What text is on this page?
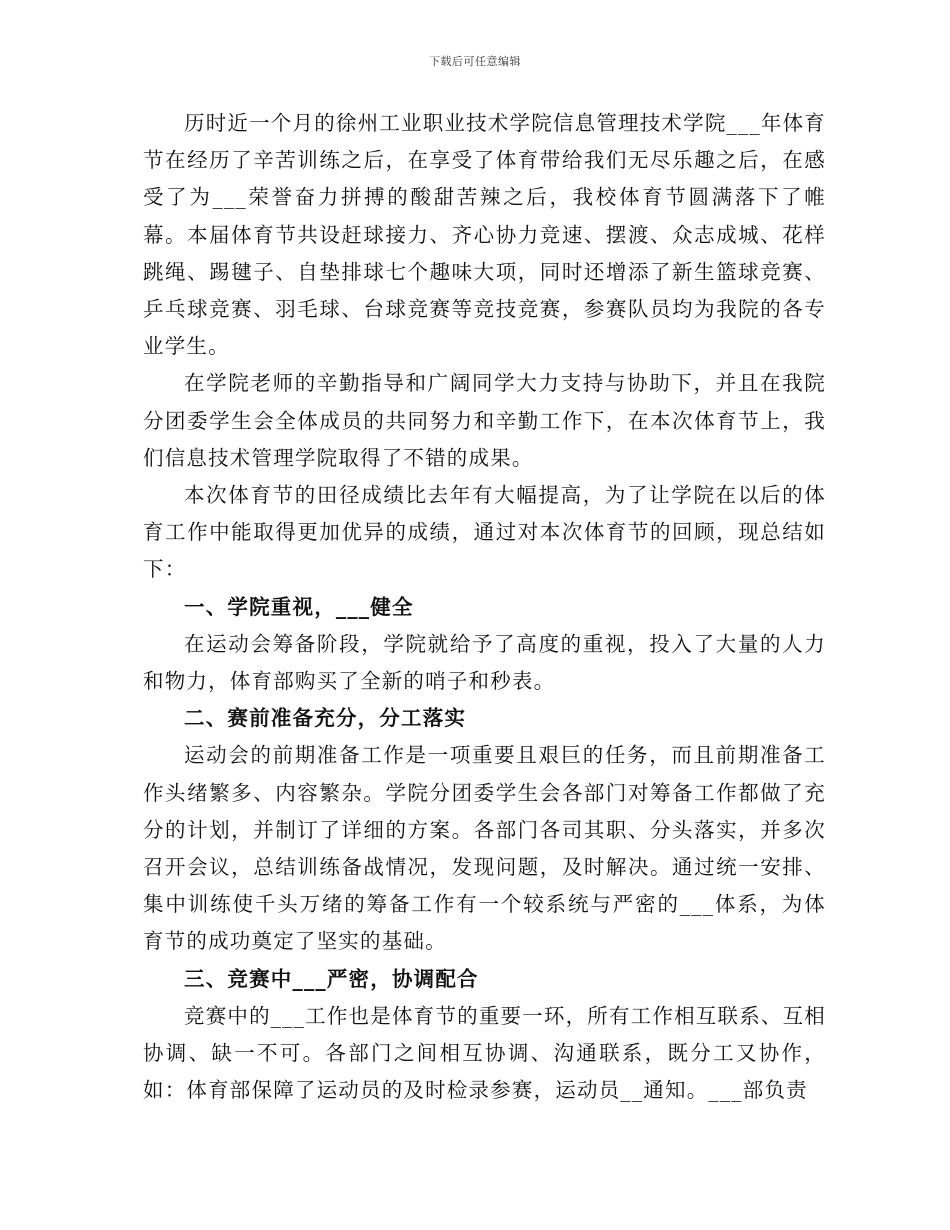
下载后可任意编辑

历时近一个月的徐州工业职业技术学院信息管理技术学院___年体育节在经历了辛苦训练之后，在享受了体育带给我们无尽乐趣之后，在感受了为___荣誉奋力拼搏的酸甜苦辣之后，我校体育节圆满落下了帷幕。本届体育节共设赶球接力、齐心协力竞速、摆渡、众志成城、花样跳绳、踢毽子、自垫排球七个趣味大项，同时还增添了新生篮球竞赛、乒乓球竞赛、羽毛球、台球竞赛等竞技竞赛，参赛队员均为我院的各专业学生。

在学院老师的辛勤指导和广阔同学大力支持与协助下，并且在我院分团委学生会全体成员的共同努力和辛勤工作下，在本次体育节上，我们信息技术管理学院取得了不错的成果。

本次体育节的田径成绩比去年有大幅提高，为了让学院在以后的体育工作中能取得更加优异的成绩，通过对本次体育节的回顾，现总结如下：

一、学院重视，___健全

在运动会筹备阶段，学院就给予了高度的重视，投入了大量的人力和物力，体育部购买了全新的哨子和秒表。

二、赛前准备充分，分工落实

运动会的前期准备工作是一项重要且艰巨的任务，而且前期准备工作头绪繁多、内容繁杂。学院分团委学生会各部门对筹备工作都做了充分的计划，并制订了详细的方案。各部门各司其职、分头落实，并多次召开会议，总结训练备战情况，发现问题，及时解决。通过统一安排、集中训练使千头万绪的筹备工作有一个较系统与严密的___体系，为体育节的成功奠定了坚实的基础。

三、竞赛中___严密，协调配合

竞赛中的___工作也是体育节的重要一环，所有工作相互联系、互相协调、缺一不可。各部门之间相互协调、沟通联系，既分工又协作，如：体育部保障了运动员的及时检录参赛，运动员__通知。___部负责
